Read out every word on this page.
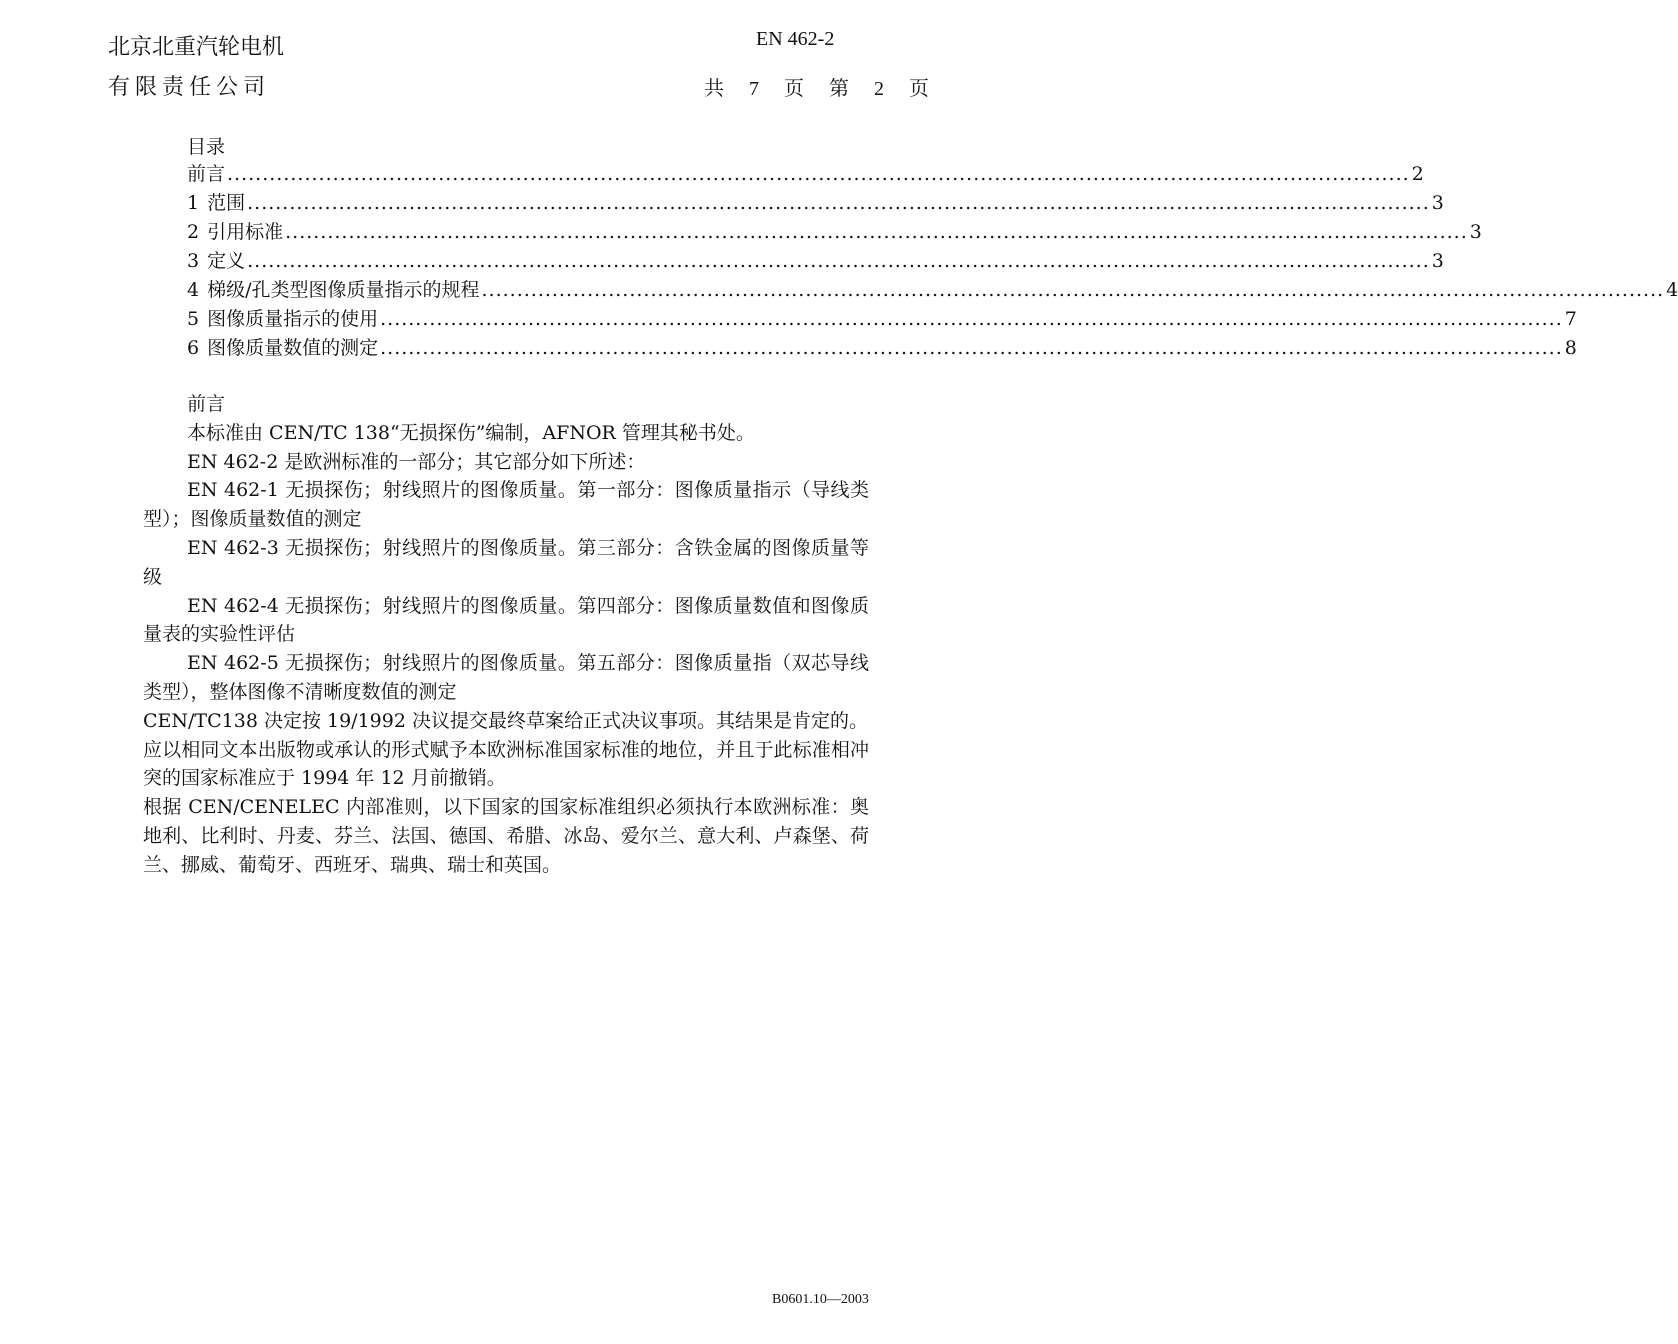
北京北重汽轮电机
有限责任公司
EN 462-2
共 7 页 第 2 页
目录
前言 ........................................................................................................................................................................ 2
1 范围 ........................................................................................................................................................................ 3
2 引用标准 ........................................................................................................................................................................ 3
3 定义 ........................................................................................................................................................................ 3
4 梯级/孔类型图像质量指示的规程 ........................................................................................................................................................................ 4
5 图像质量指示的使用 ........................................................................................................................................................................ 7
6 图像质量数值的测定 ........................................................................................................................................................................ 8

前言

本标准由 CEN/TC 138“无损探伤”编制，AFNOR 管理其秘书处。

EN 462-2 是欧洲标准的一部分；其它部分如下所述：

EN 462-1 无损探伤；射线照片的图像质量。第一部分：图像质量指示（导线类型）；图像质量数值的测定

EN 462-3 无损探伤；射线照片的图像质量。第三部分：含铁金属的图像质量等级

EN 462-4 无损探伤；射线照片的图像质量。第四部分：图像质量数值和图像质量表的实验性评估

EN 462-5 无损探伤；射线照片的图像质量。第五部分：图像质量指（双芯导线类型），整体图像不清晰度数值的测定

CEN/TC138 决定按 19/1992 决议提交最终草案给正式决议事项。其结果是肯定的。

应以相同文本出版物或承认的形式赋予本欧洲标准国家标准的地位，并且于此标准相冲突的国家标准应于 1994 年 12 月前撤销。

根据 CEN/CENELEC 内部准则，以下国家的国家标准组织必须执行本欧洲标准：奥地利、比利时、丹麦、芬兰、法国、德国、希腊、冰岛、爱尔兰、意大利、卢森堡、荷兰、挪威、葡萄牙、西班牙、瑞典、瑞士和英国。

B0601.10—2003
